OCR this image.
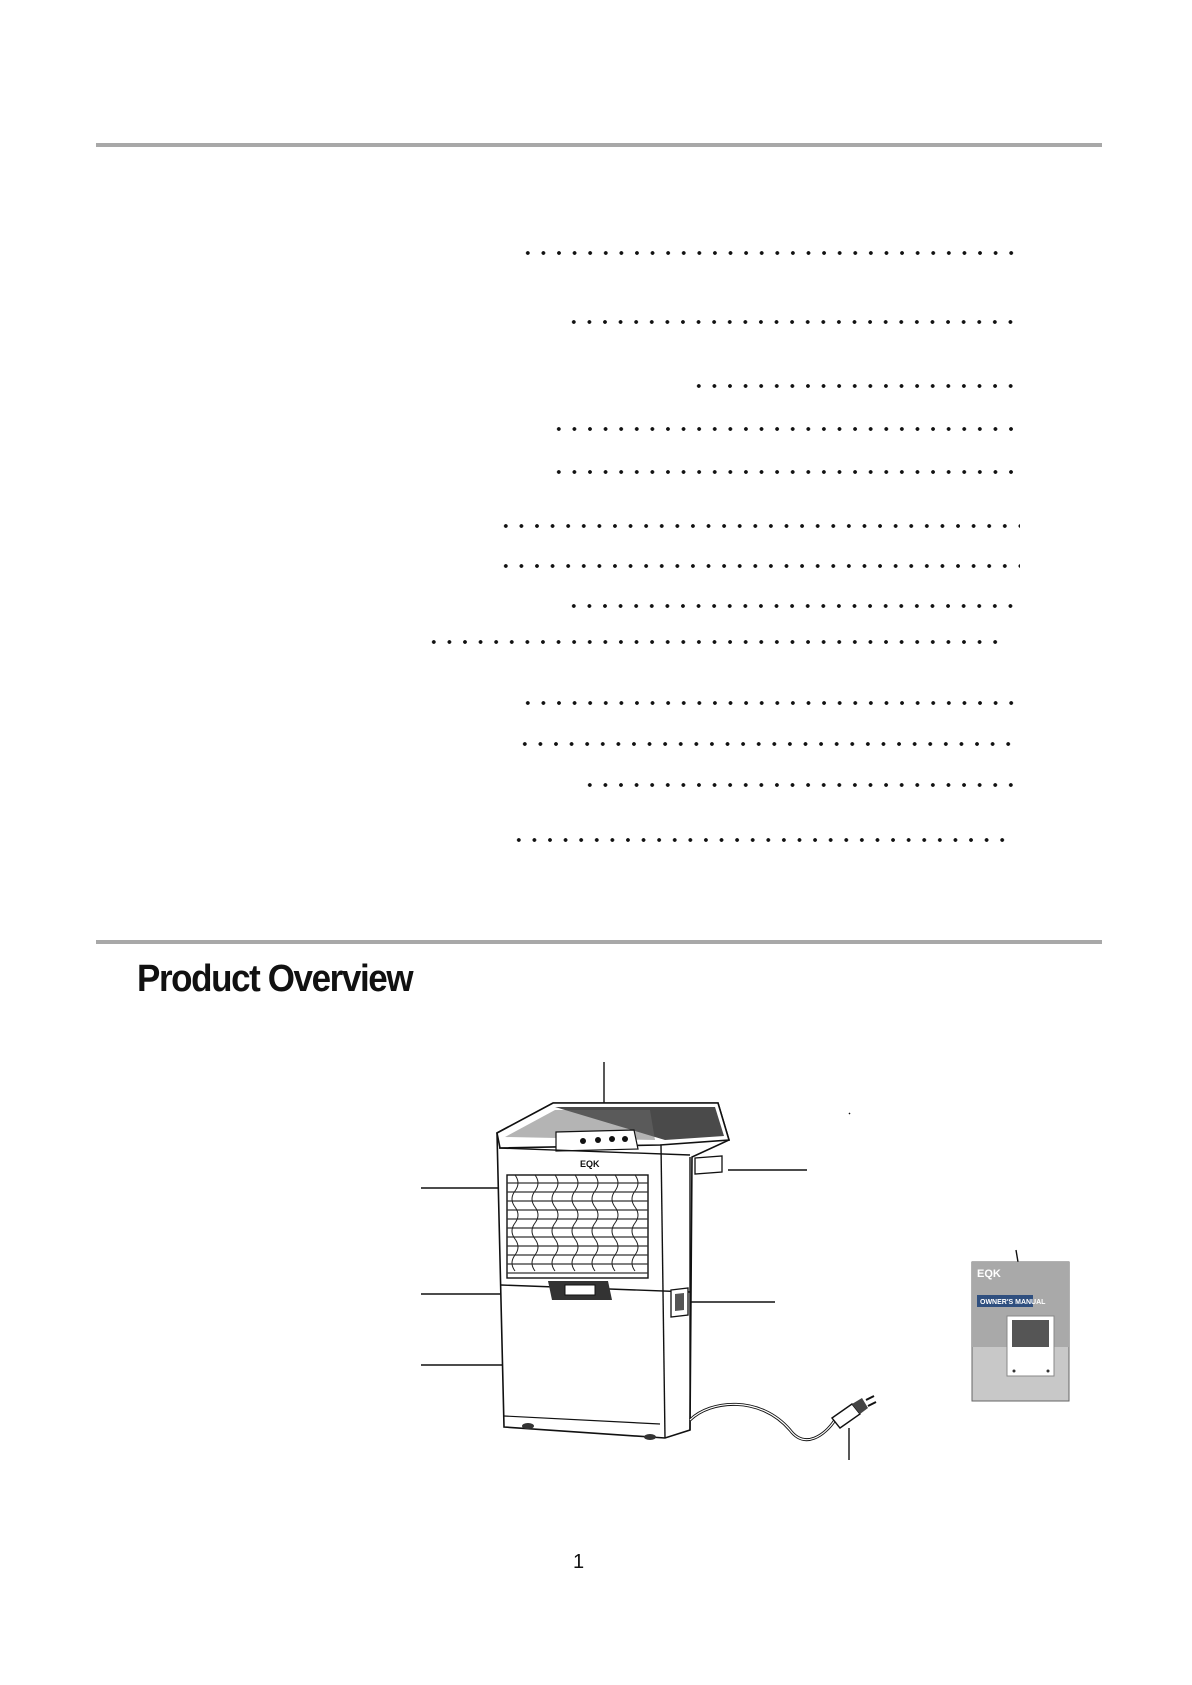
Product Overview
EQK
EQK
OWNER'S MANUAL
1
